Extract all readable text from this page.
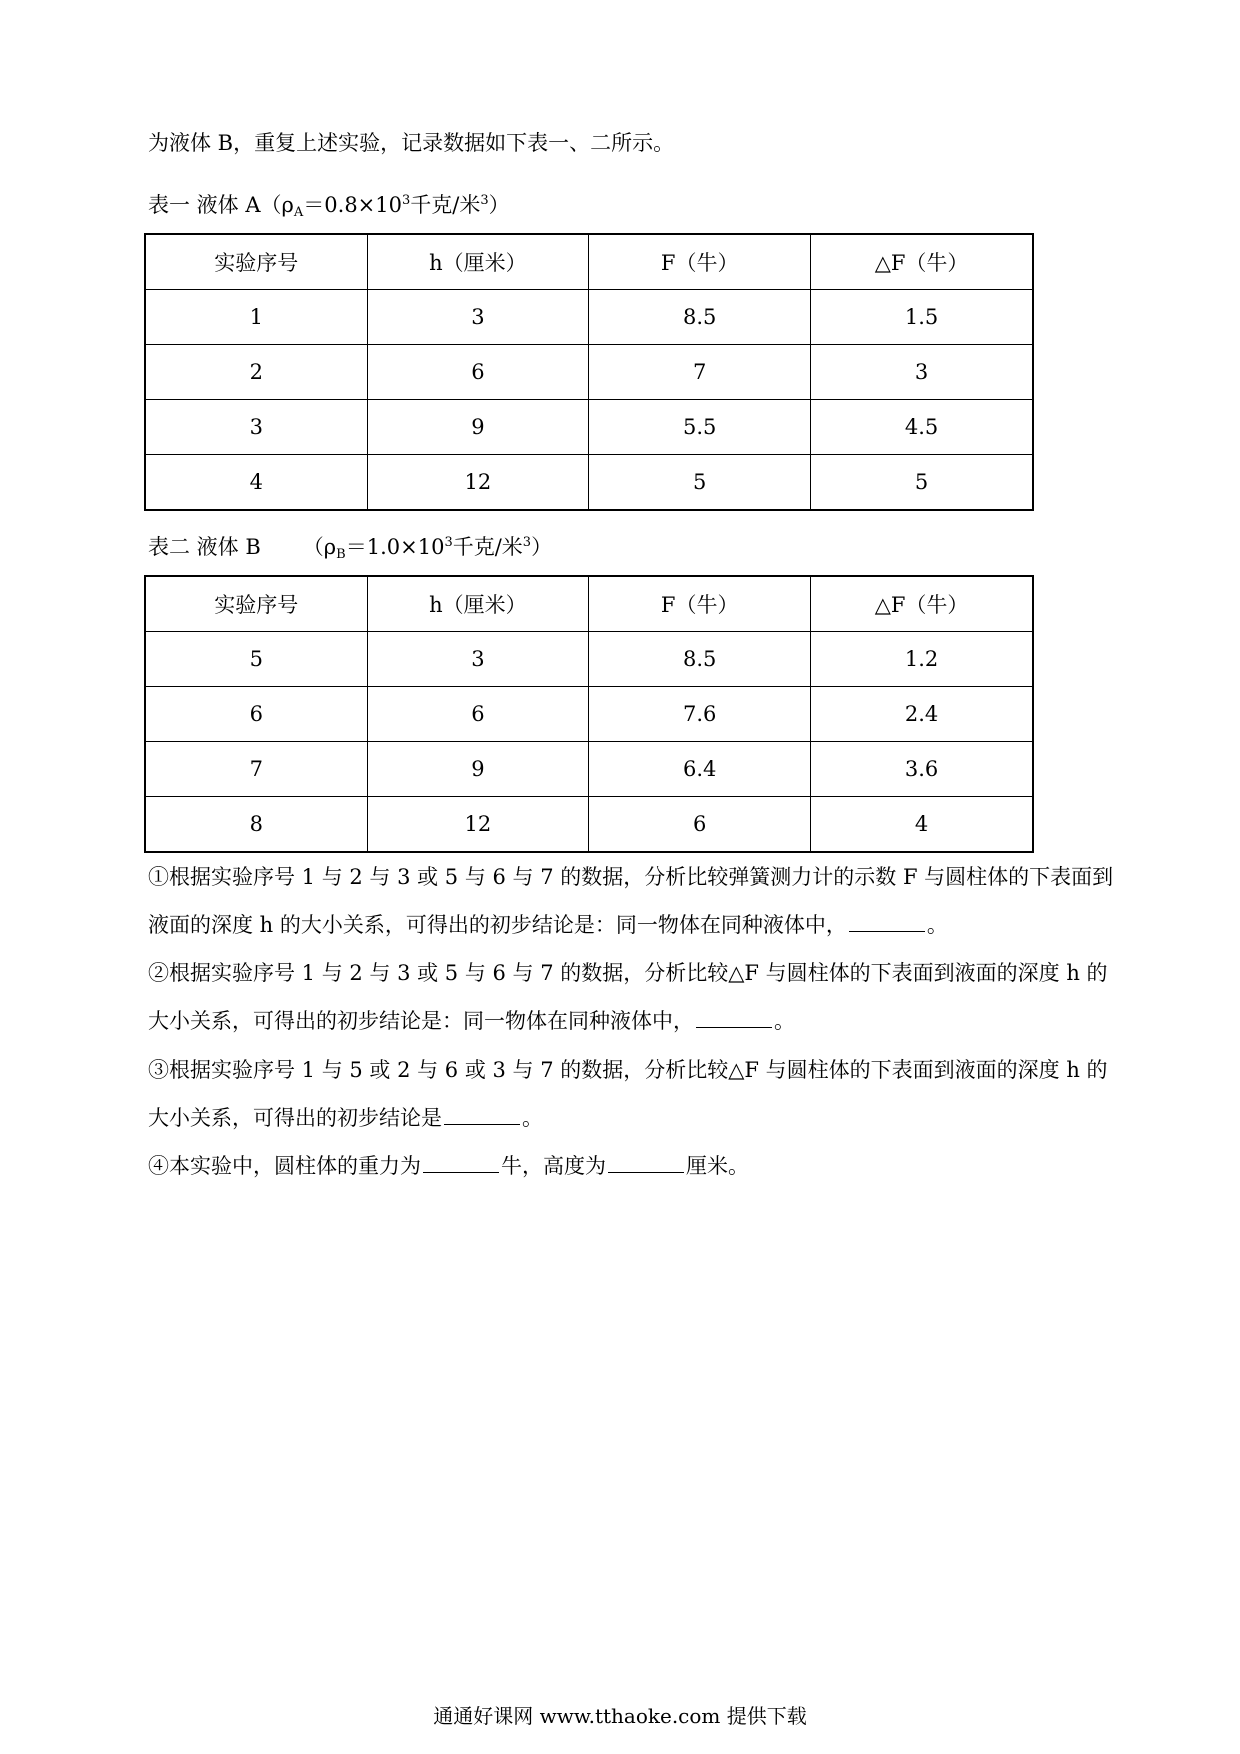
为液体 B，重复上述实验，记录数据如下表一、二所示。
表一 液体 $A(\rho_A=0.8\times 10^3$千克/米$^3$）
实验序号	h（厘米）	F（牛）	△F（牛）
1	3	8.5	1.5
2	6	7	3
3	9	5.5	4.5
4	12	5	5
表二 液体 B （$\rho_B=1.0\times 10^3$千克/米$^3$）
实验序号	h（厘米）	F（牛）	△F（牛）
5	3	8.5	1.2
6	6	7.6	2.4
7	9	6.4	3.6
8	12	6	4
①根据实验序号 1 与 2 与 3 或 5 与 6 与 7 的数据，分析比较弹簧测力计的示数 F 与圆柱体的下表面到
液面的深度 h 的大小关系，可得出的初步结论是：同一物体在同种液体中，	。
②根据实验序号 1 与 2 与 3 或 5 与 6 与 7 的数据，分析比较△F 与圆柱体的下表面到液面的深度 h 的
大小关系，可得出的初步结论是：同一物体在同种液体中，	。
③根据实验序号 1 与 5 或 2 与 6 或 3 与 7 的数据，分析比较△F 与圆柱体的下表面到液面的深度 h 的
大小关系，可得出的初步结论是	。
④本实验中，圆柱体的重力为	牛，高度为	厘米。
通通好课网 www.tthaoke.com 提供下载
